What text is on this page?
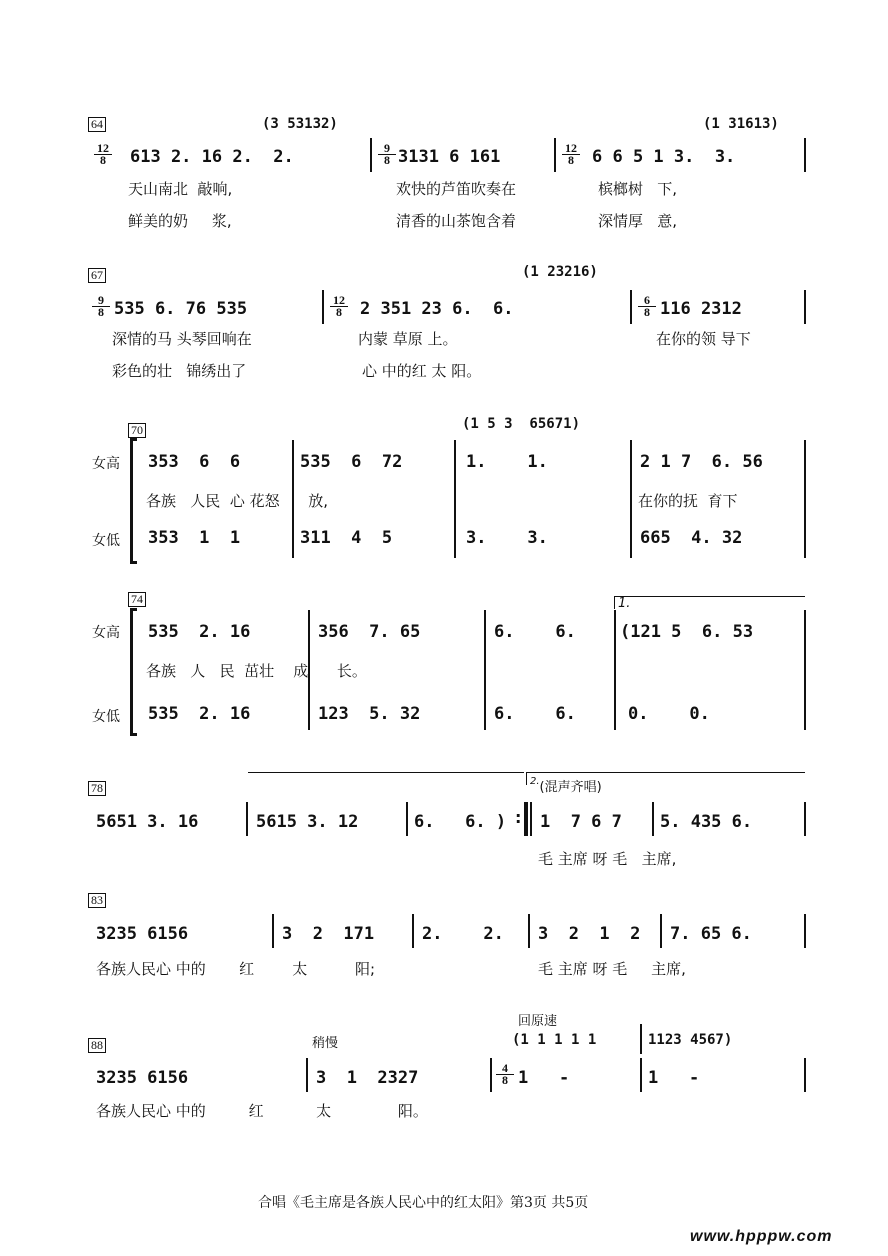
64	(3 53132)	(1 31613)
$\frac{12}{8} 613$ 2. 16 2.  2.	$\frac{9}{8} 3131$ 6 161	$\frac{12}{8} 6$ 6 5 1 3.  3.
天山南北  敲响,	欢快的芦笛吹奏在	槟榔树   下,
鲜美的奶     浆,	清香的山茶饱含着	深情厚   意,
67	(1 23216)
$\frac{9}{8} 535$ 6. 76 535	$\frac{12}{8} 2$ 351 23 6.  6.	$\frac{6}{8} 116$ 2312
深情的马 头琴回响在	内蒙 草原 上。	在你的领 导下
彩色的壮   锦绣出了	心 中的红 太 阳。
70	(1 5 3  65671)
女高
女低
353  6  6	535  6  72	1.    1.	2 1 7  6. 56
各族   人民  心 花怒      放,	在你的抚  育下
353  1  1	311  4  5	3.    3.	665  4. 32
74	1.
女高
女低
535  2. 16	356  7. 65	6.    6.	(121 5  6. 53
各族   人   民  茁壮    成      长。
535  2. 16	123  5. 32	6.    6.	0.    0.
78	$^{2.}$(混声齐唱)
5651 3. 16	5615 3. 12	6.   6. ) : 1  7 6 7 5. 435 6.
毛 主席 呀 毛   主席,
83
3235 6156	3  2  171	2.    2. 3  2  1  2 7. 65 6.
各族人民心 中的       红        太          阳;	毛 主席 呀 毛     主席,
88	稍慢
回原速
(1 1 1 1 1	1123 4567)
3235 6156	3  1  2327	$\frac{4}{8} 1$   -	1   -
各族人民心 中的         红           太              阳。
合唱《毛主席是各族人民心中的红太阳》第3页 共5页
www.hpppw.com
